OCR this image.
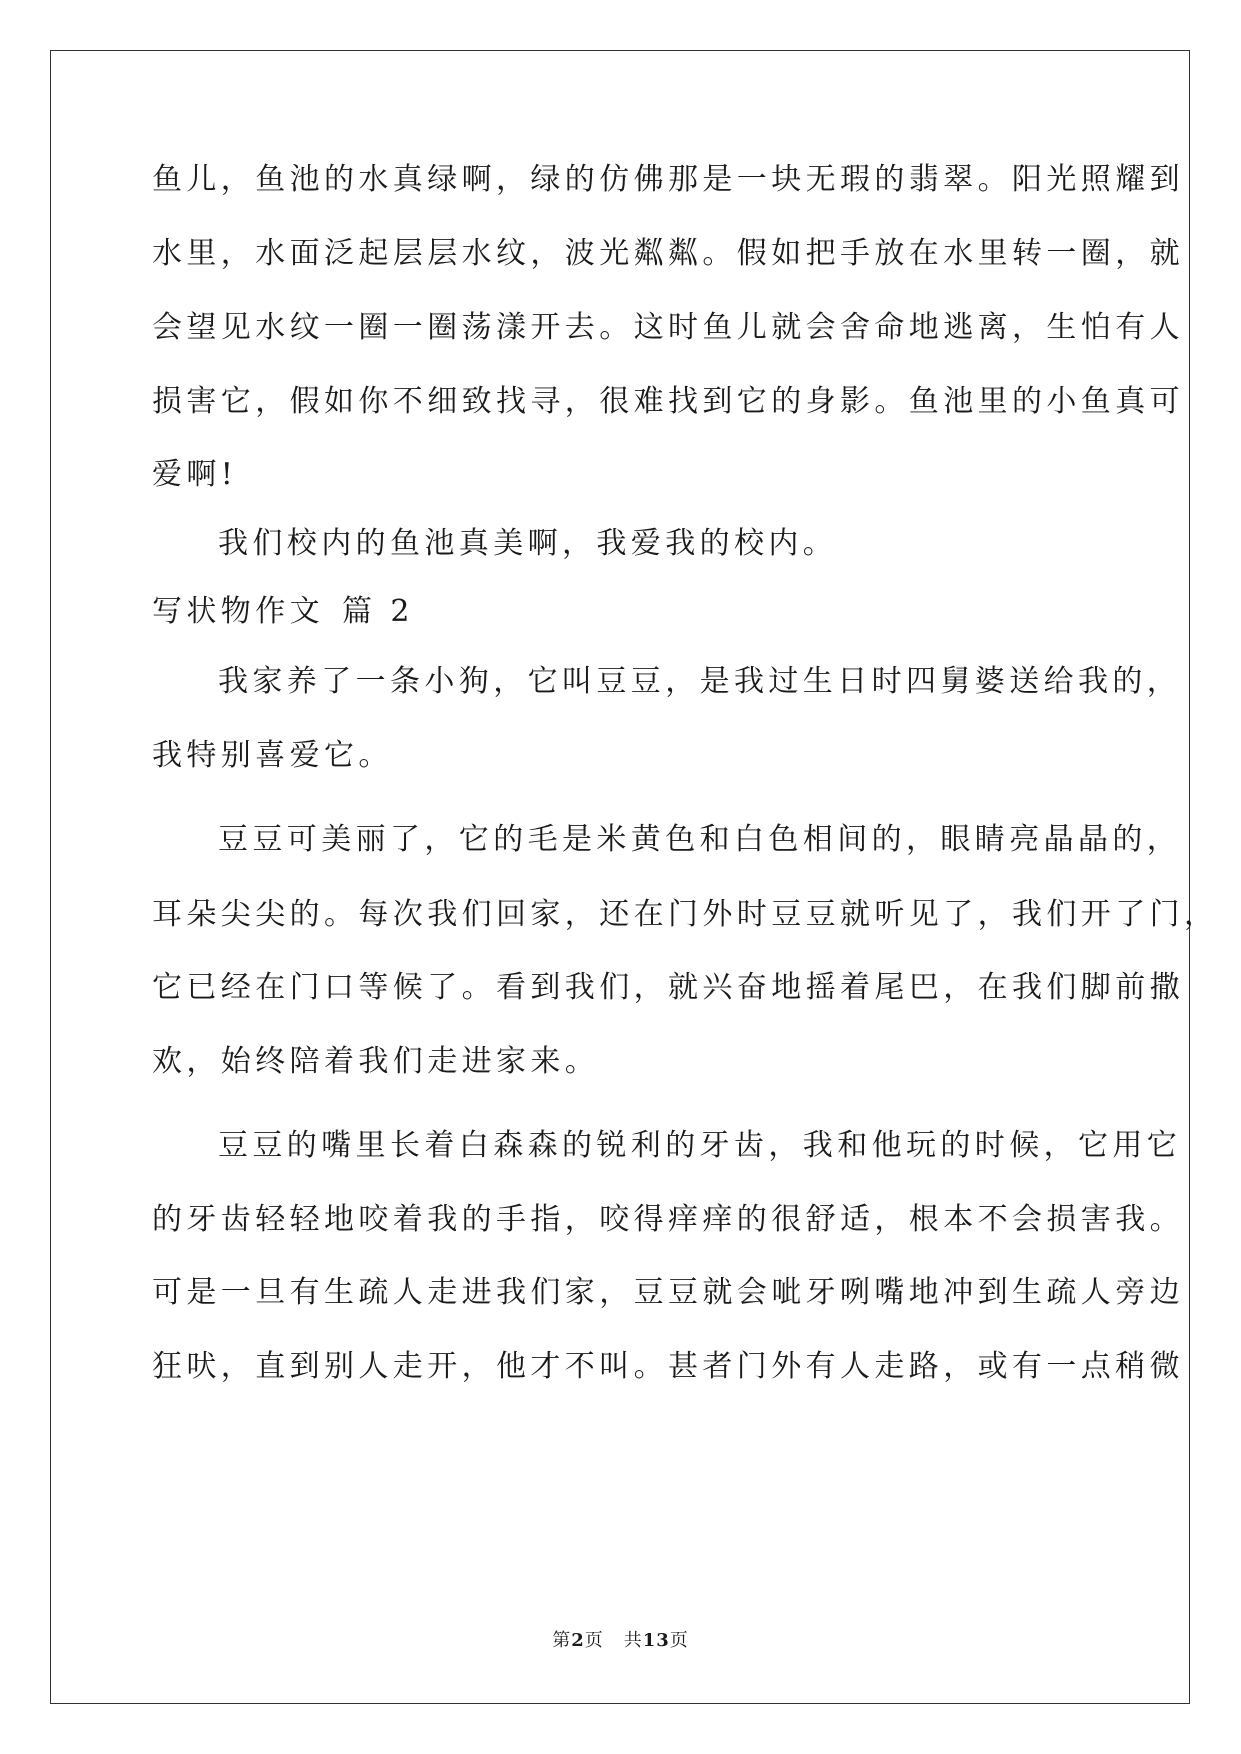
鱼儿，鱼池的水真绿啊，绿的仿佛那是一块无瑕的翡翠。阳光照耀到
水里，水面泛起层层水纹，波光粼粼。假如把手放在水里转一圈，就
会望见水纹一圈一圈荡漾开去。这时鱼儿就会舍命地逃离，生怕有人
损害它，假如你不细致找寻，很难找到它的身影。鱼池里的小鱼真可
爱啊!
我们校内的鱼池真美啊，我爱我的校内。
写状物作文 篇 2
我家养了一条小狗，它叫豆豆，是我过生日时四舅婆送给我的，
我特别喜爱它。
豆豆可美丽了，它的毛是米黄色和白色相间的，眼睛亮晶晶的，
耳朵尖尖的。每次我们回家，还在门外时豆豆就听见了，我们开了门，
它已经在门口等候了。看到我们，就兴奋地摇着尾巴，在我们脚前撒
欢，始终陪着我们走进家来。
豆豆的嘴里长着白森森的锐利的牙齿，我和他玩的时候，它用它
的牙齿轻轻地咬着我的手指，咬得痒痒的很舒适，根本不会损害我。
可是一旦有生疏人走进我们家，豆豆就会呲牙咧嘴地冲到生疏人旁边
狂吠，直到别人走开，他才不叫。甚者门外有人走路，或有一点稍微
第2页 共13页
